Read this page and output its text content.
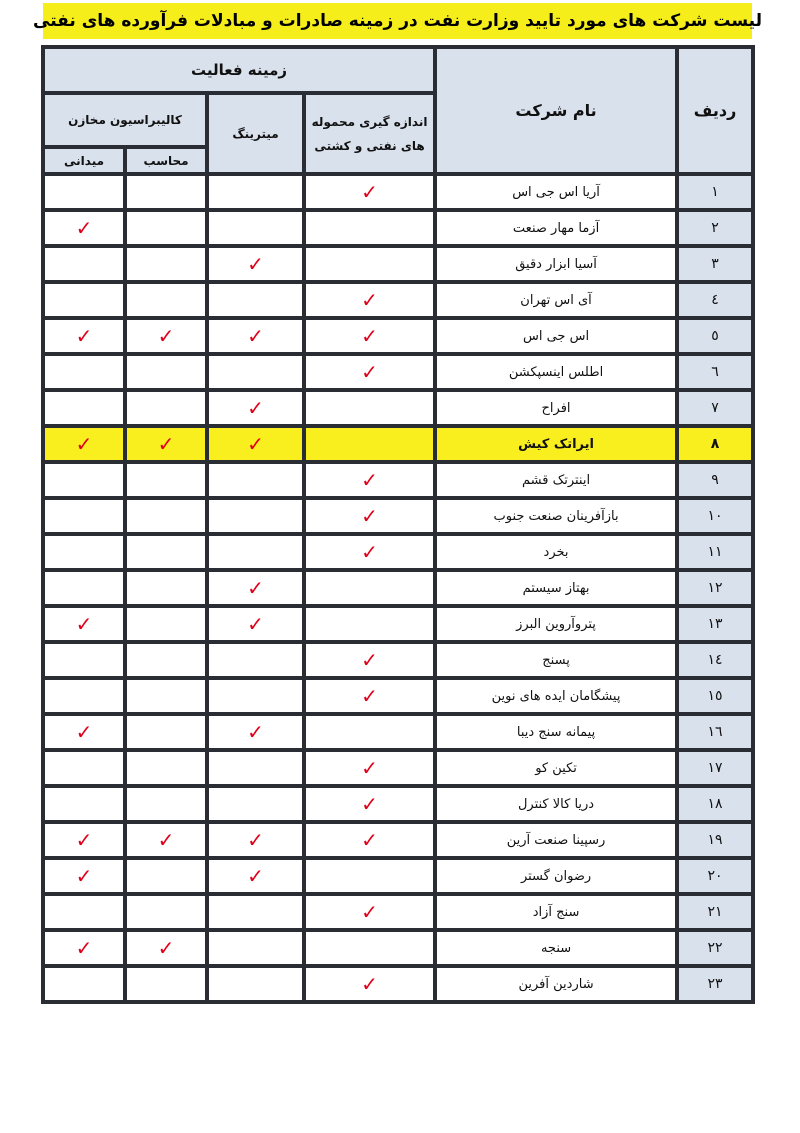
لیست شرکت های مورد تایید وزارت نفت در زمینه صادرات و مبادلات فرآورده های نفتی
ردیف	نام شرکت	زمینه فعالیت			
		اندازه گیری محموله های نفتی و کشتی	میترینگ	کالیبراسیون مخازن	
				محاسب	میدانی
۱	آریا اس جی اس	✓			
۲	آزما مهار صنعت				✓
۳	آسیا ابزار دقیق		✓		
٤	آی اس تهران	✓			
٥	اس جی اس	✓	✓	✓	✓
٦	اطلس اینسپکشن	✓			
۷	افراح		✓		
۸	ایراتک کیش		✓	✓	✓
۹	اینترتک قشم	✓			
۱۰	بازآفرینان صنعت جنوب	✓			
۱۱	بخرد	✓			
۱۲	بهتاز سیستم		✓		
۱۳	پتروآروین البرز		✓		✓
۱٤	پسنج	✓			
۱٥	پیشگامان ایده های نوین	✓			
۱٦	پیمانه سنج دیبا		✓		✓
۱۷	تکین کو	✓			
۱۸	دریا کالا کنترل	✓			
۱۹	رسپینا صنعت آرین	✓	✓	✓	✓
۲۰	رضوان گستر		✓		✓
۲۱	سنج آزاد	✓			
۲۲	سنجه			✓	✓
۲۳	شاردین آفرین	✓			
